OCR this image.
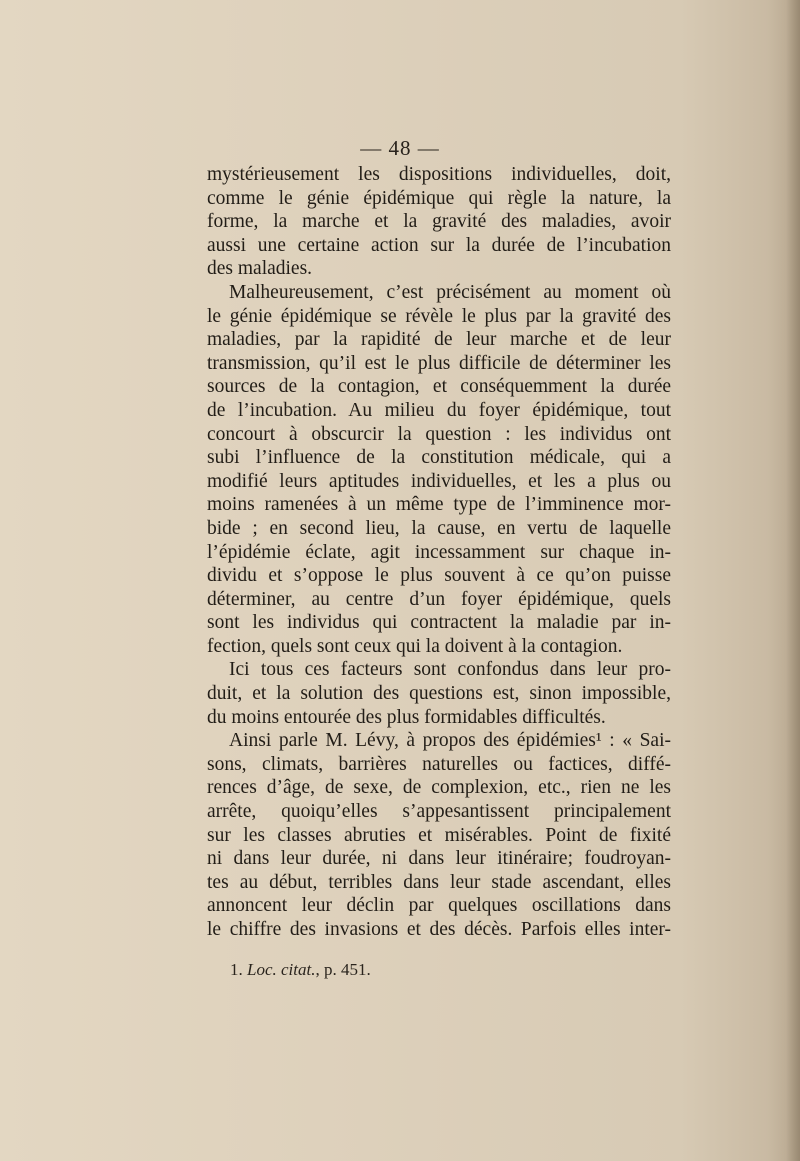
— 48 —
mystérieusement les dispositions individuelles, doit,
comme le génie épidémique qui règle la nature, la
forme, la marche et la gravité des maladies, avoir
aussi une certaine action sur la durée de l’incubation
des maladies.
Malheureusement, c’est précisément au moment où
le génie épidémique se révèle le plus par la gravité des
maladies, par la rapidité de leur marche et de leur
transmission, qu’il est le plus difficile de déterminer les
sources de la contagion, et conséquemment la durée
de l’incubation. Au milieu du foyer épidémique, tout
concourt à obscurcir la question : les individus ont
subi l’influence de la constitution médicale, qui a
modifié leurs aptitudes individuelles, et les a plus ou
moins ramenées à un même type de l’imminence mor-
bide ; en second lieu, la cause, en vertu de laquelle
l’épidémie éclate, agit incessamment sur chaque in-
dividu et s’oppose le plus souvent à ce qu’on puisse
déterminer, au centre d’un foyer épidémique, quels
sont les individus qui contractent la maladie par in-
fection, quels sont ceux qui la doivent à la contagion.
Ici tous ces facteurs sont confondus dans leur pro-
duit, et la solution des questions est, sinon impossible,
du moins entourée des plus formidables difficultés.
Ainsi parle M. Lévy, à propos des épidémies¹ : « Sai-
sons, climats, barrières naturelles ou factices, diffé-
rences d’âge, de sexe, de complexion, etc., rien ne les
arrête, quoiqu’elles s’appesantissent principalement
sur les classes abruties et misérables. Point de fixité
ni dans leur durée, ni dans leur itinéraire; foudroyan-
tes au début, terribles dans leur stade ascendant, elles
annoncent leur déclin par quelques oscillations dans
le chiffre des invasions et des décès. Parfois elles inter-
1. Loc. citat., p. 451.
